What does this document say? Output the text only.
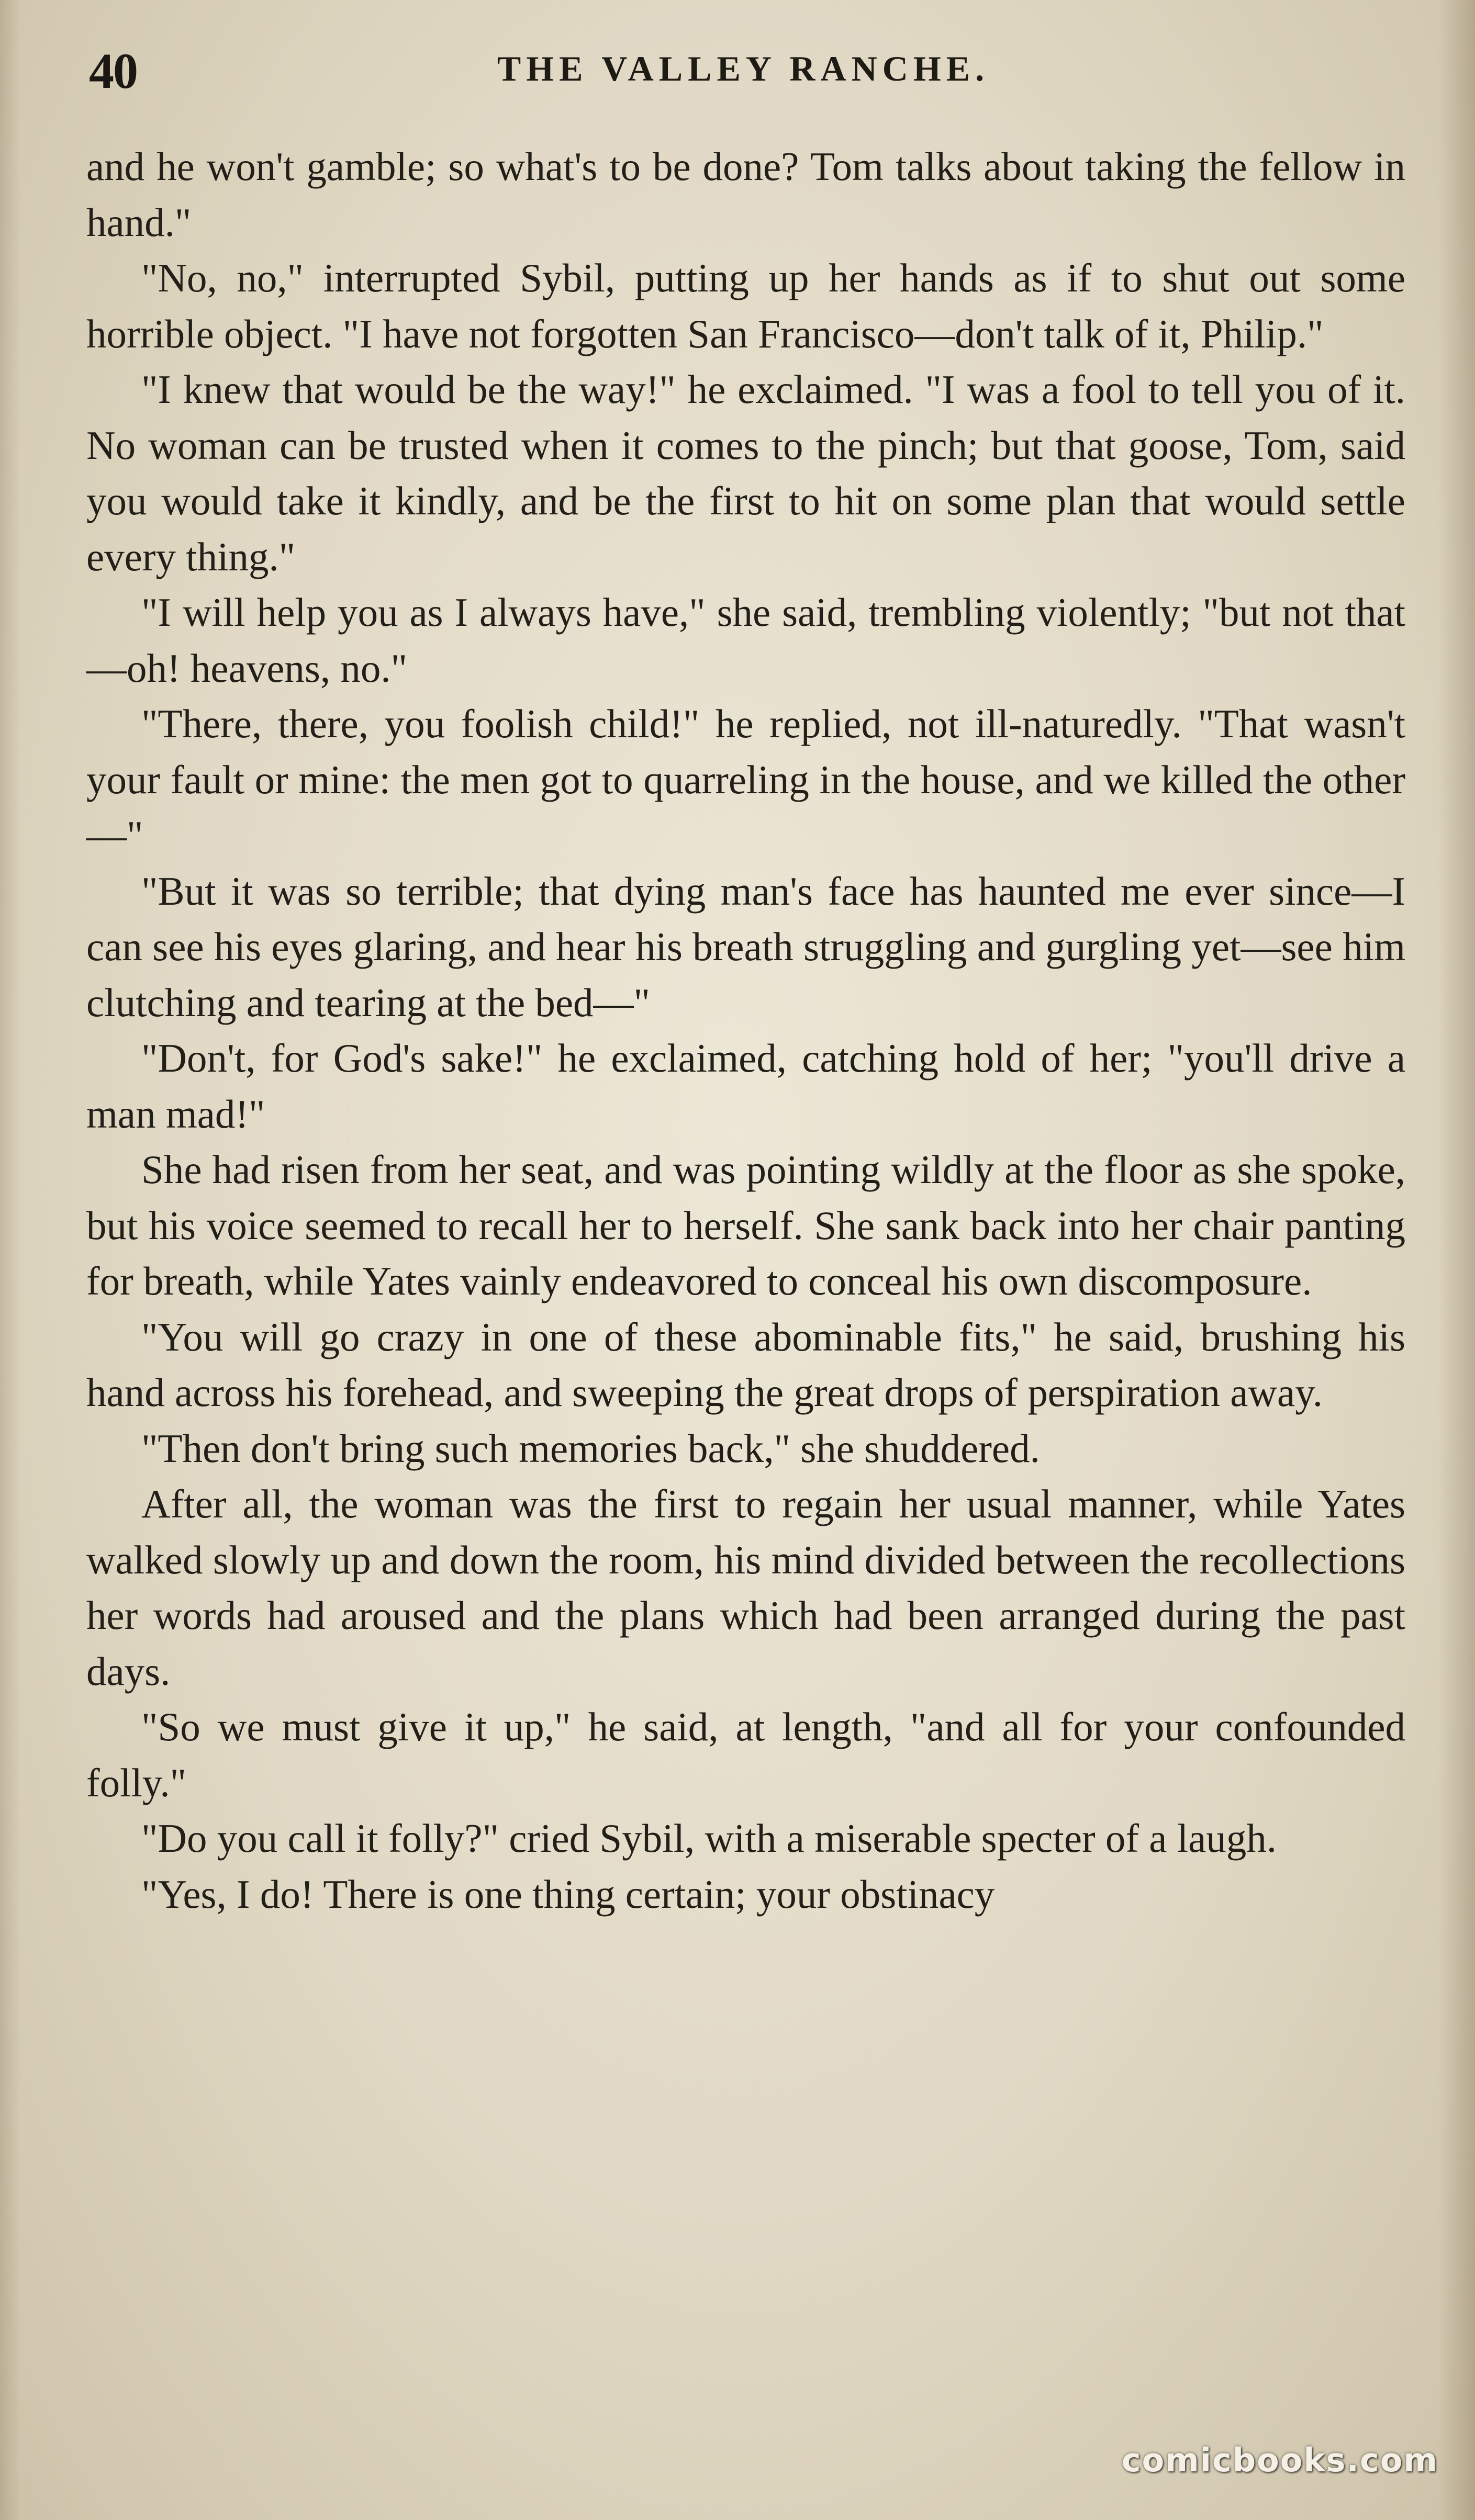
40	THE VALLEY RANCHE.

and he won't gamble; so what's to be done? Tom talks about taking the fellow in hand."

"No, no," interrupted Sybil, putting up her hands as if to shut out some horrible object. "I have not forgotten San Francisco—don't talk of it, Philip."

"I knew that would be the way!" he exclaimed. "I was a fool to tell you of it. No woman can be trusted when it comes to the pinch; but that goose, Tom, said you would take it kindly, and be the first to hit on some plan that would settle every thing."

"I will help you as I always have," she said, trembling violently; "but not that—oh! heavens, no."

"There, there, you foolish child!" he replied, not ill-naturedly. "That wasn't your fault or mine: the men got to quarreling in the house, and we killed the other—"

"But it was so terrible; that dying man's face has haunted me ever since—I can see his eyes glaring, and hear his breath struggling and gurgling yet—see him clutching and tearing at the bed—"

"Don't, for God's sake!" he exclaimed, catching hold of her; "you'll drive a man mad!"

She had risen from her seat, and was pointing wildly at the floor as she spoke, but his voice seemed to recall her to herself. She sank back into her chair panting for breath, while Yates vainly endeavored to conceal his own discomposure.

"You will go crazy in one of these abominable fits," he said, brushing his hand across his forehead, and sweeping the great drops of perspiration away.

"Then don't bring such memories back," she shuddered.

After all, the woman was the first to regain her usual manner, while Yates walked slowly up and down the room, his mind divided between the recollections her words had aroused and the plans which had been arranged during the past days.

"So we must give it up," he said, at length, "and all for your confounded folly."

"Do you call it folly?" cried Sybil, with a miserable specter of a laugh.

"Yes, I do! There is one thing certain; your obstinacy

comicbooks.com
